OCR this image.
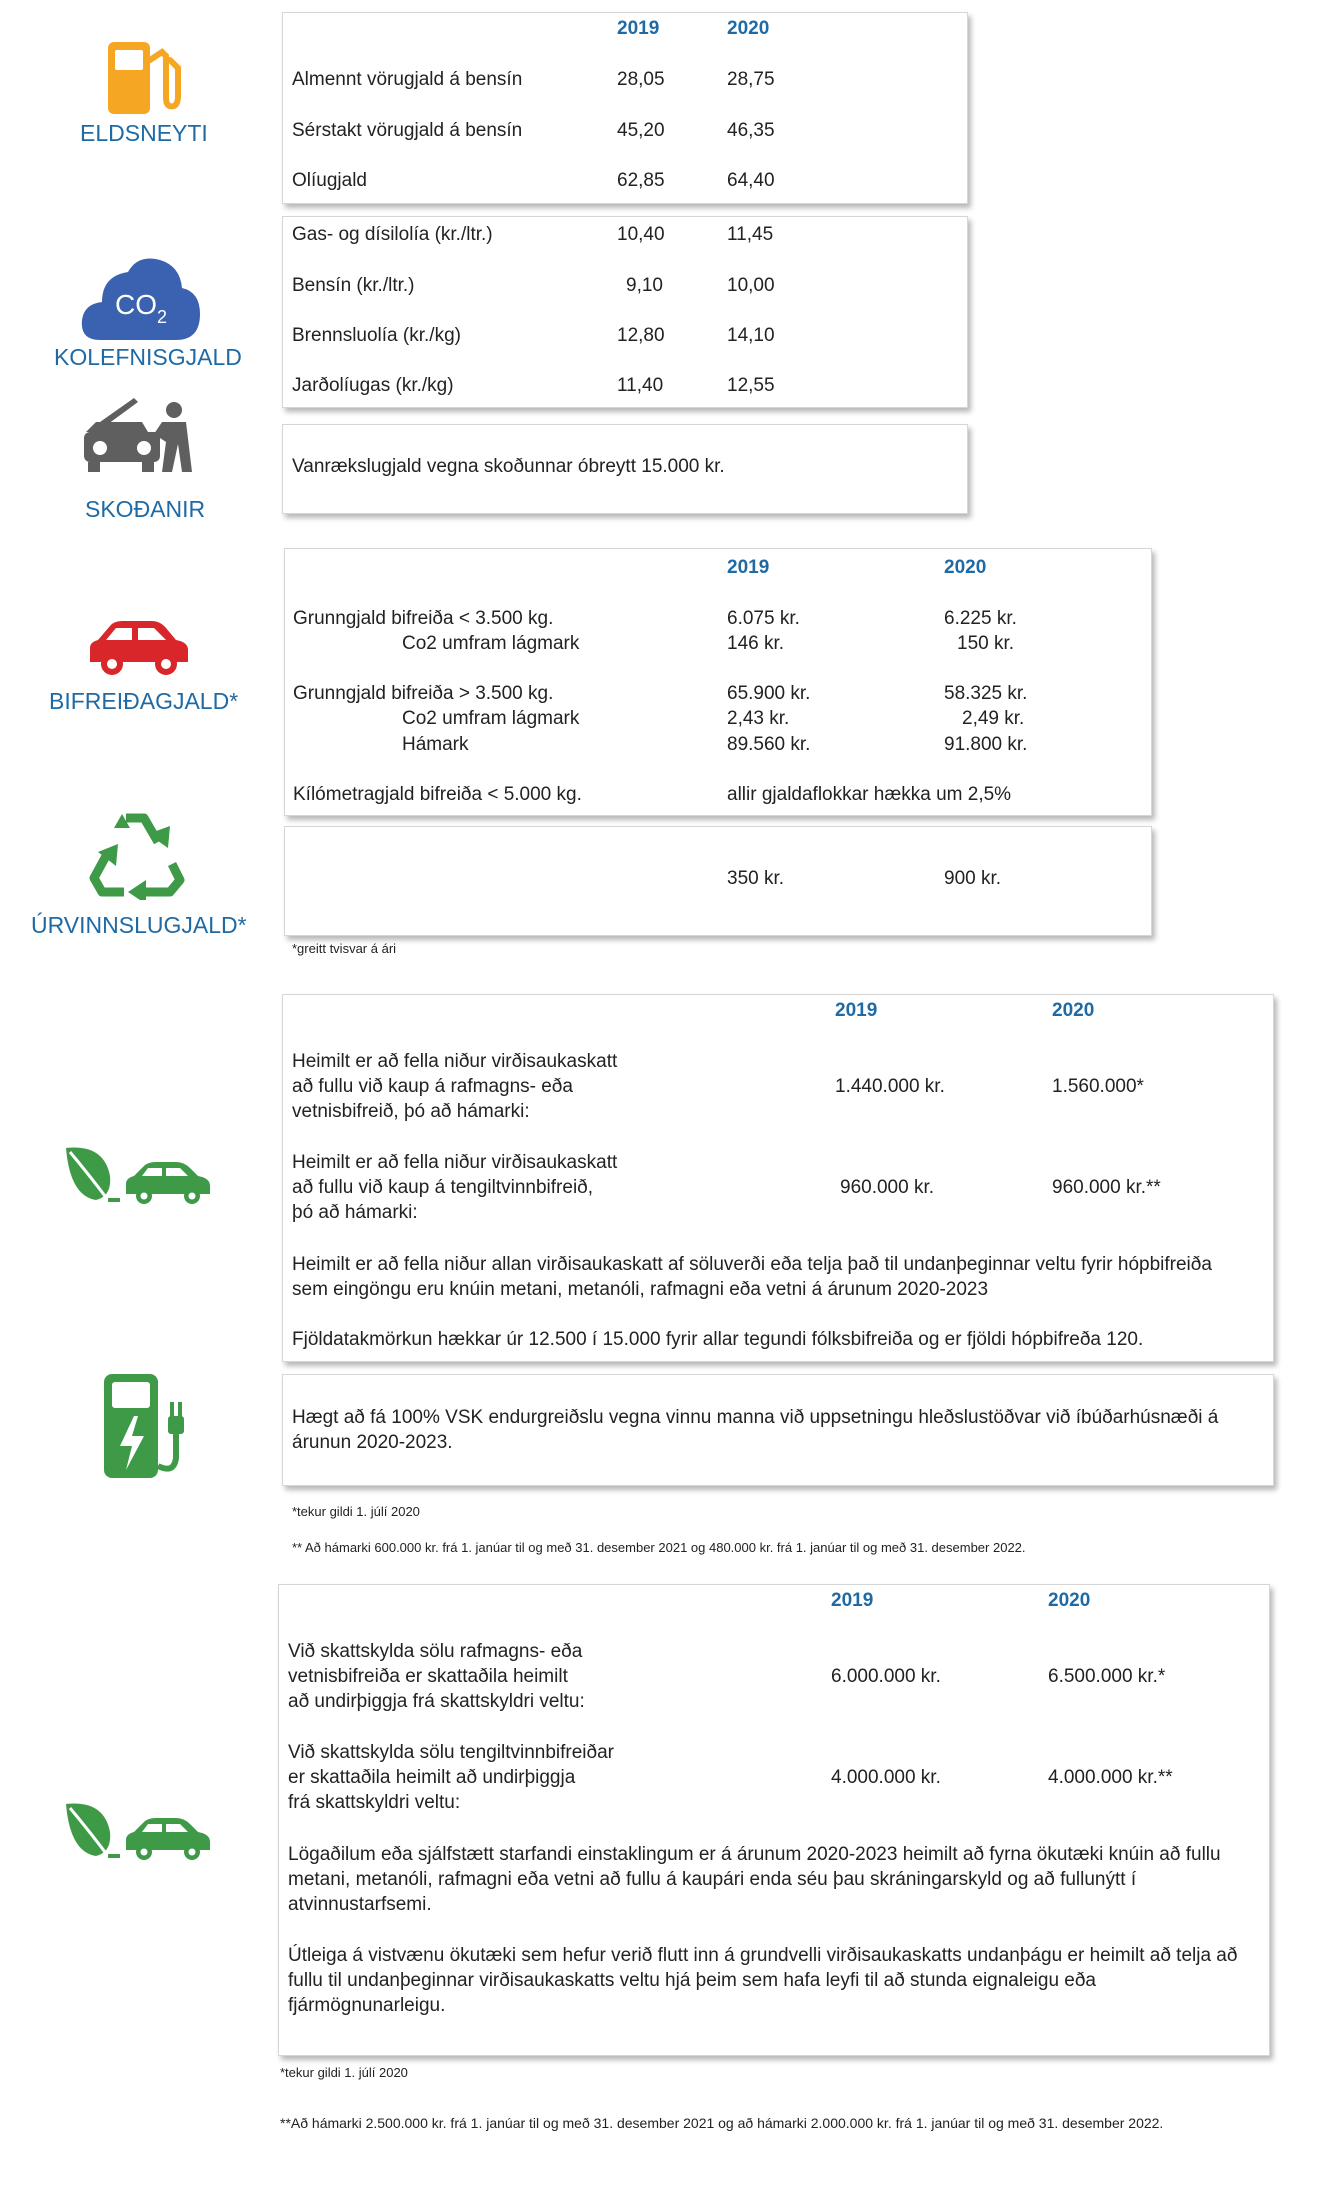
ELDSNEYTI
2019	2020
Almennt vörugjald á bensín	28,05	28,75
Sérstakt vörugjald á bensín	45,20	46,35
Olíugjald	62,85	64,40
CO 2
KOLEFNISGJALD
Gas- og dísilolía (kr./ltr.)	10,40	11,45
Bensín (kr./ltr.)	9,10	10,00
Brennsluolía (kr./kg)	12,80	14,10
Jarðolíugas (kr./kg)	11,40	12,55
SKOÐANIR
Vanrækslugjald vegna skoðunnar óbreytt 15.000 kr.
BIFREIÐAGJALD*
2019	2020
Grunngjald bifreiða < 3.500 kg.	6.075 kr.	6.225 kr.
Co2 umfram lágmark	146 kr.	150 kr.
Grunngjald bifreiða > 3.500 kg.	65.900 kr.	58.325 kr.
Co2 umfram lágmark	2,43 kr.	2,49 kr.
Hámark	89.560 kr.	91.800 kr.
Kílómetragjald bifreiða < 5.000 kg.	allir gjaldaflokkar hækka um 2,5%
ÚRVINNSLUGJALD*
350 kr.	900 kr.
*greitt tvisvar á ári
2019	2020
Heimilt er að fella niður virðisaukaskatt
að fullu við kaup á rafmagns- eða
vetnisbifreið, þó að hámarki:
1.440.000 kr.	1.560.000*
Heimilt er að fella niður virðisaukaskatt
að fullu við kaup á tengiltvinnbifreið,
þó að hámarki:
960.000 kr.	960.000 kr.**
Heimilt er að fella niður allan virðisaukaskatt af söluverði eða telja það til undanþeginnar veltu fyrir hópbifreiða sem eingöngu eru knúin metani, metanóli, rafmagni eða vetni á árunum 2020-2023
Fjöldatakmörkun hækkar úr 12.500 í 15.000 fyrir allar tegundi fólksbifreiða og er fjöldi hópbifreða 120.
Hægt að fá 100% VSK endurgreiðslu vegna vinnu manna við uppsetningu hleðslustöðvar við íbúðarhúsnæði á árunun 2020-2023.
*tekur gildi 1. júlí 2020
** Að hámarki 600.000 kr. frá 1. janúar til og með 31. desember 2021 og 480.000 kr. frá 1. janúar til og með 31. desember 2022.
2019	2020
Við skattskylda sölu rafmagns- eða
vetnisbifreiða er skattaðila heimilt
að undirþiggja frá skattskyldri veltu:
6.000.000 kr.	6.500.000 kr.*
Við skattskylda sölu tengiltvinnbifreiðar
er skattaðila heimilt að undirþiggja
frá skattskyldri veltu:
4.000.000 kr.	4.000.000 kr.**
Lögaðilum eða sjálfstætt starfandi einstaklingum er á árunum 2020-2023 heimilt að fyrna ökutæki knúin að fullu metani, metanóli, rafmagni eða vetni að fullu á kaupári enda séu þau skráningarskyld og að fullunýtt í atvinnustarfsemi.
Útleiga á vistvænu ökutæki sem hefur verið flutt inn á grundvelli virðisaukaskatts undanþágu er heimilt að telja að fullu til undanþeginnar virðisaukaskatts veltu hjá þeim sem hafa leyfi til að stunda eignaleigu eða fjármögnunarleigu.
*tekur gildi 1. júlí 2020
**Að hámarki 2.500.000 kr. frá 1. janúar til og með 31. desember 2021 og að hámarki 2.000.000 kr. frá 1. janúar til og með 31. desember 2022.
